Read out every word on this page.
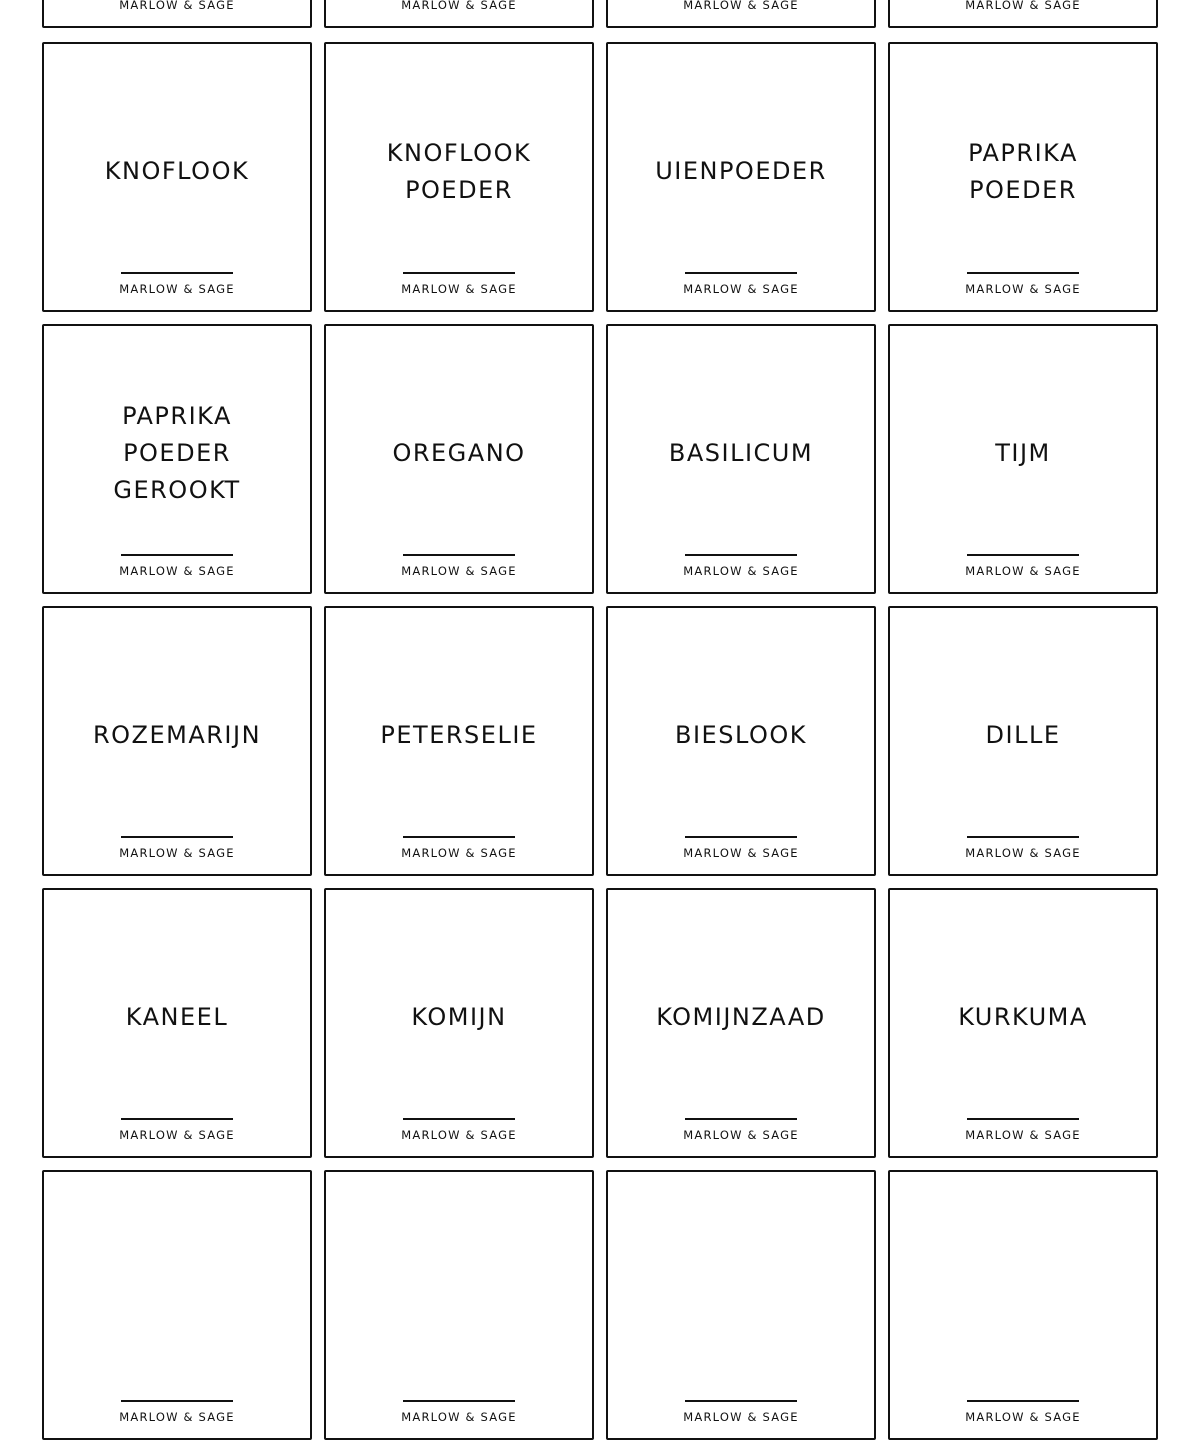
MARLOW & SAGE	MARLOW & SAGE	MARLOW & SAGE	MARLOW & SAGE
KNOFLOOK
MARLOW & SAGE
KNOFLOOK
POEDER
MARLOW & SAGE
UIENPOEDER
MARLOW & SAGE
PAPRIKA
POEDER
MARLOW & SAGE
PAPRIKA
POEDER
GEROOKT
MARLOW & SAGE
OREGANO
MARLOW & SAGE
BASILICUM
MARLOW & SAGE
TIJM
MARLOW & SAGE
ROZEMARIJN
MARLOW & SAGE
PETERSELIE
MARLOW & SAGE
BIESLOOK
MARLOW & SAGE
DILLE
MARLOW & SAGE
KANEEL
MARLOW & SAGE
KOMIJN
MARLOW & SAGE
KOMIJNZAAD
MARLOW & SAGE
KURKUMA
MARLOW & SAGE
MARLOW & SAGE	MARLOW & SAGE	MARLOW & SAGE	MARLOW & SAGE
